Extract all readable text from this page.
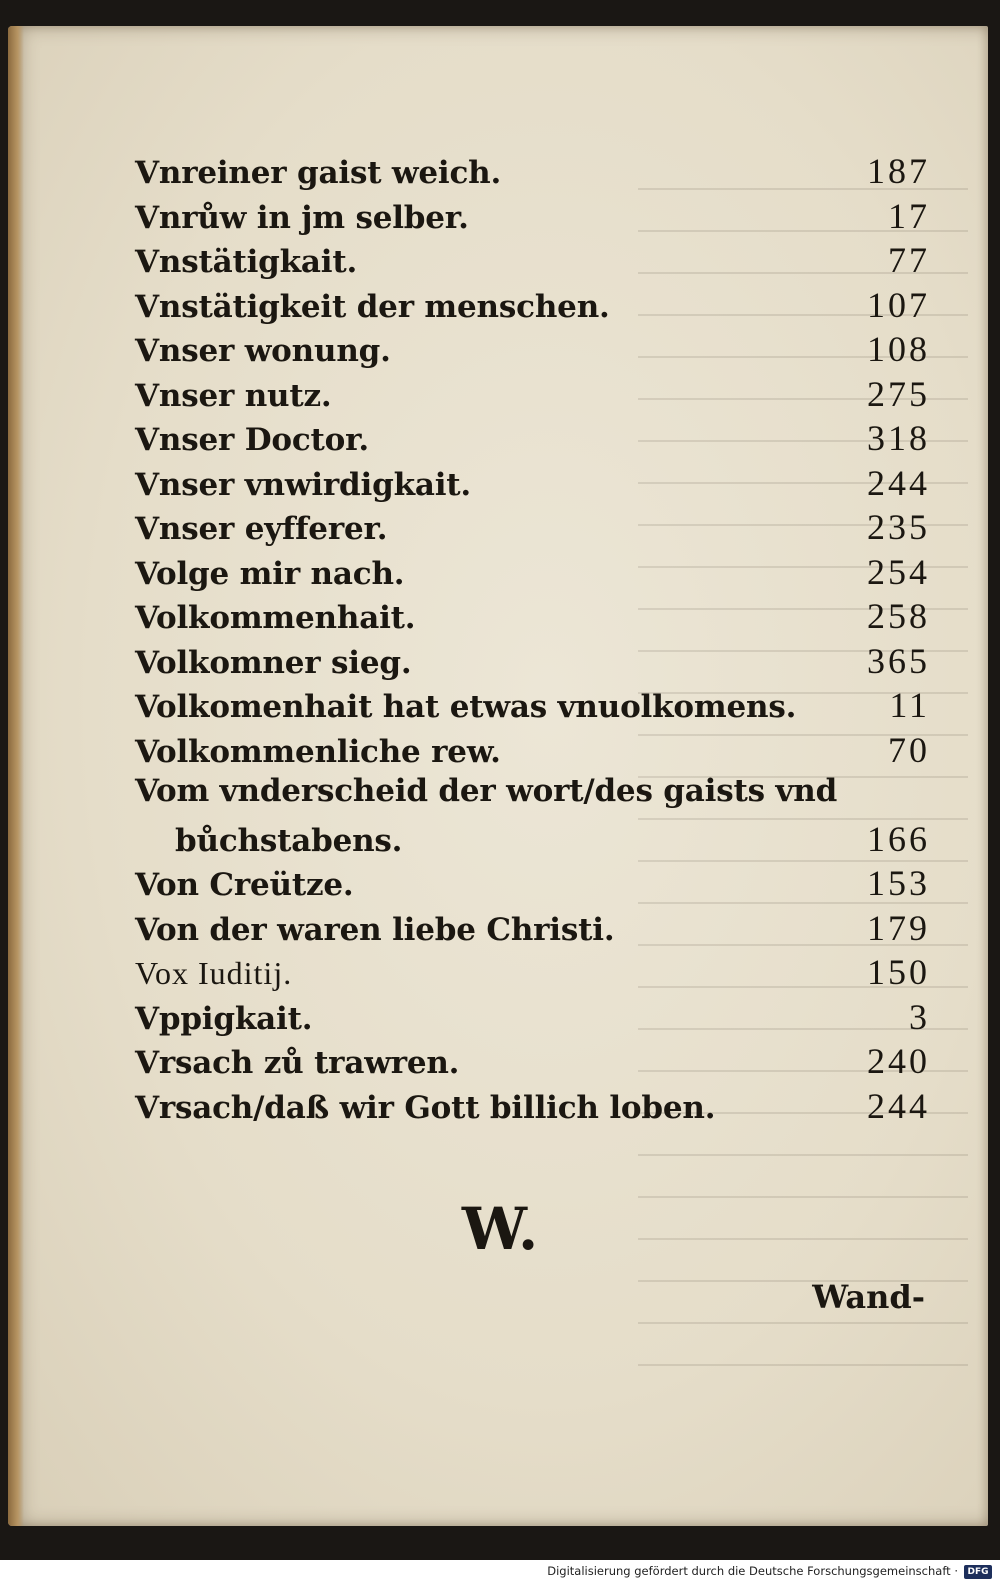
Vnreiner gaist weich.	187
Vnrůw in jm selber.	17
Vnstätigkait.	77
Vnstätigkeit der menschen.	107
Vnser wonung.	108
Vnser nutz.	275
Vnser Doctor.	318
Vnser vnwirdigkait.	244
Vnser eyfferer.	235
Volge mir nach.	254
Volkommenhait.	258
Volkomner sieg.	365
Volkomenhait hat etwas vnuolkomens.	11
Volkommenliche rew.	70
Vom vnderscheid der wort/des gaists vnd
bůchstabens.	166
Von Creütze.	153
Von der waren liebe Christi.	179
Vox Iuditij.	150
Vppigkait.	3
Vrsach zů trawren.	240
Vrsach/daß wir Gott billich loben.	244
W.
Wand-
Digitalisierung gefördert durch die Deutsche Forschungsgemeinschaft ·	DFG
